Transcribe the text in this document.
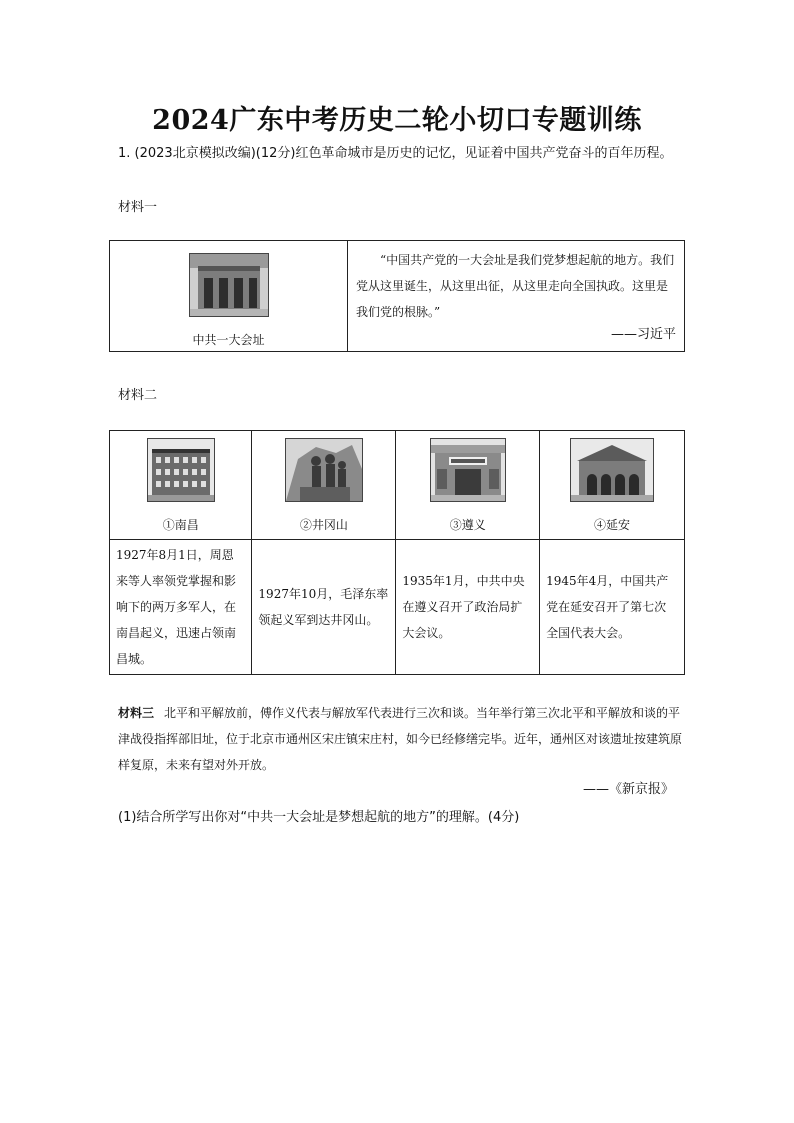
2024广东中考历史二轮小切口专题训练
1. (2023北京模拟改编)(12分)红色革命城市是历史的记忆，见证着中国共产党奋斗的百年历程。
材料一
中共一大会址

“中国共产党的一大会址是我们党梦想起航的地方。我们党从这里诞生，从这里出征，从这里走向全国执政。这里是我们党的根脉。”
——习近平
材料二
①南昌	②井冈山	③遵义	④延安

1927年8月1日，周恩来等人率领党掌握和影响下的两万多军人，在南昌起义，迅速占领南昌城。	1927年10月，毛泽东率领起义军到达井冈山。	1935年1月，中共中央在遵义召开了政治局扩大会议。	1945年4月，中国共产党在延安召开了第七次全国代表大会。
材料三 北平和平解放前，傅作义代表与解放军代表进行三次和谈。当年举行第三次北平和平解放和谈的平津战役指挥部旧址，位于北京市通州区宋庄镇宋庄村，如今已经修缮完毕。近年，通州区对该遗址按建筑原样复原，未来有望对外开放。
——《新京报》
(1)结合所学写出你对“中共一大会址是梦想起航的地方”的理解。(4分)
